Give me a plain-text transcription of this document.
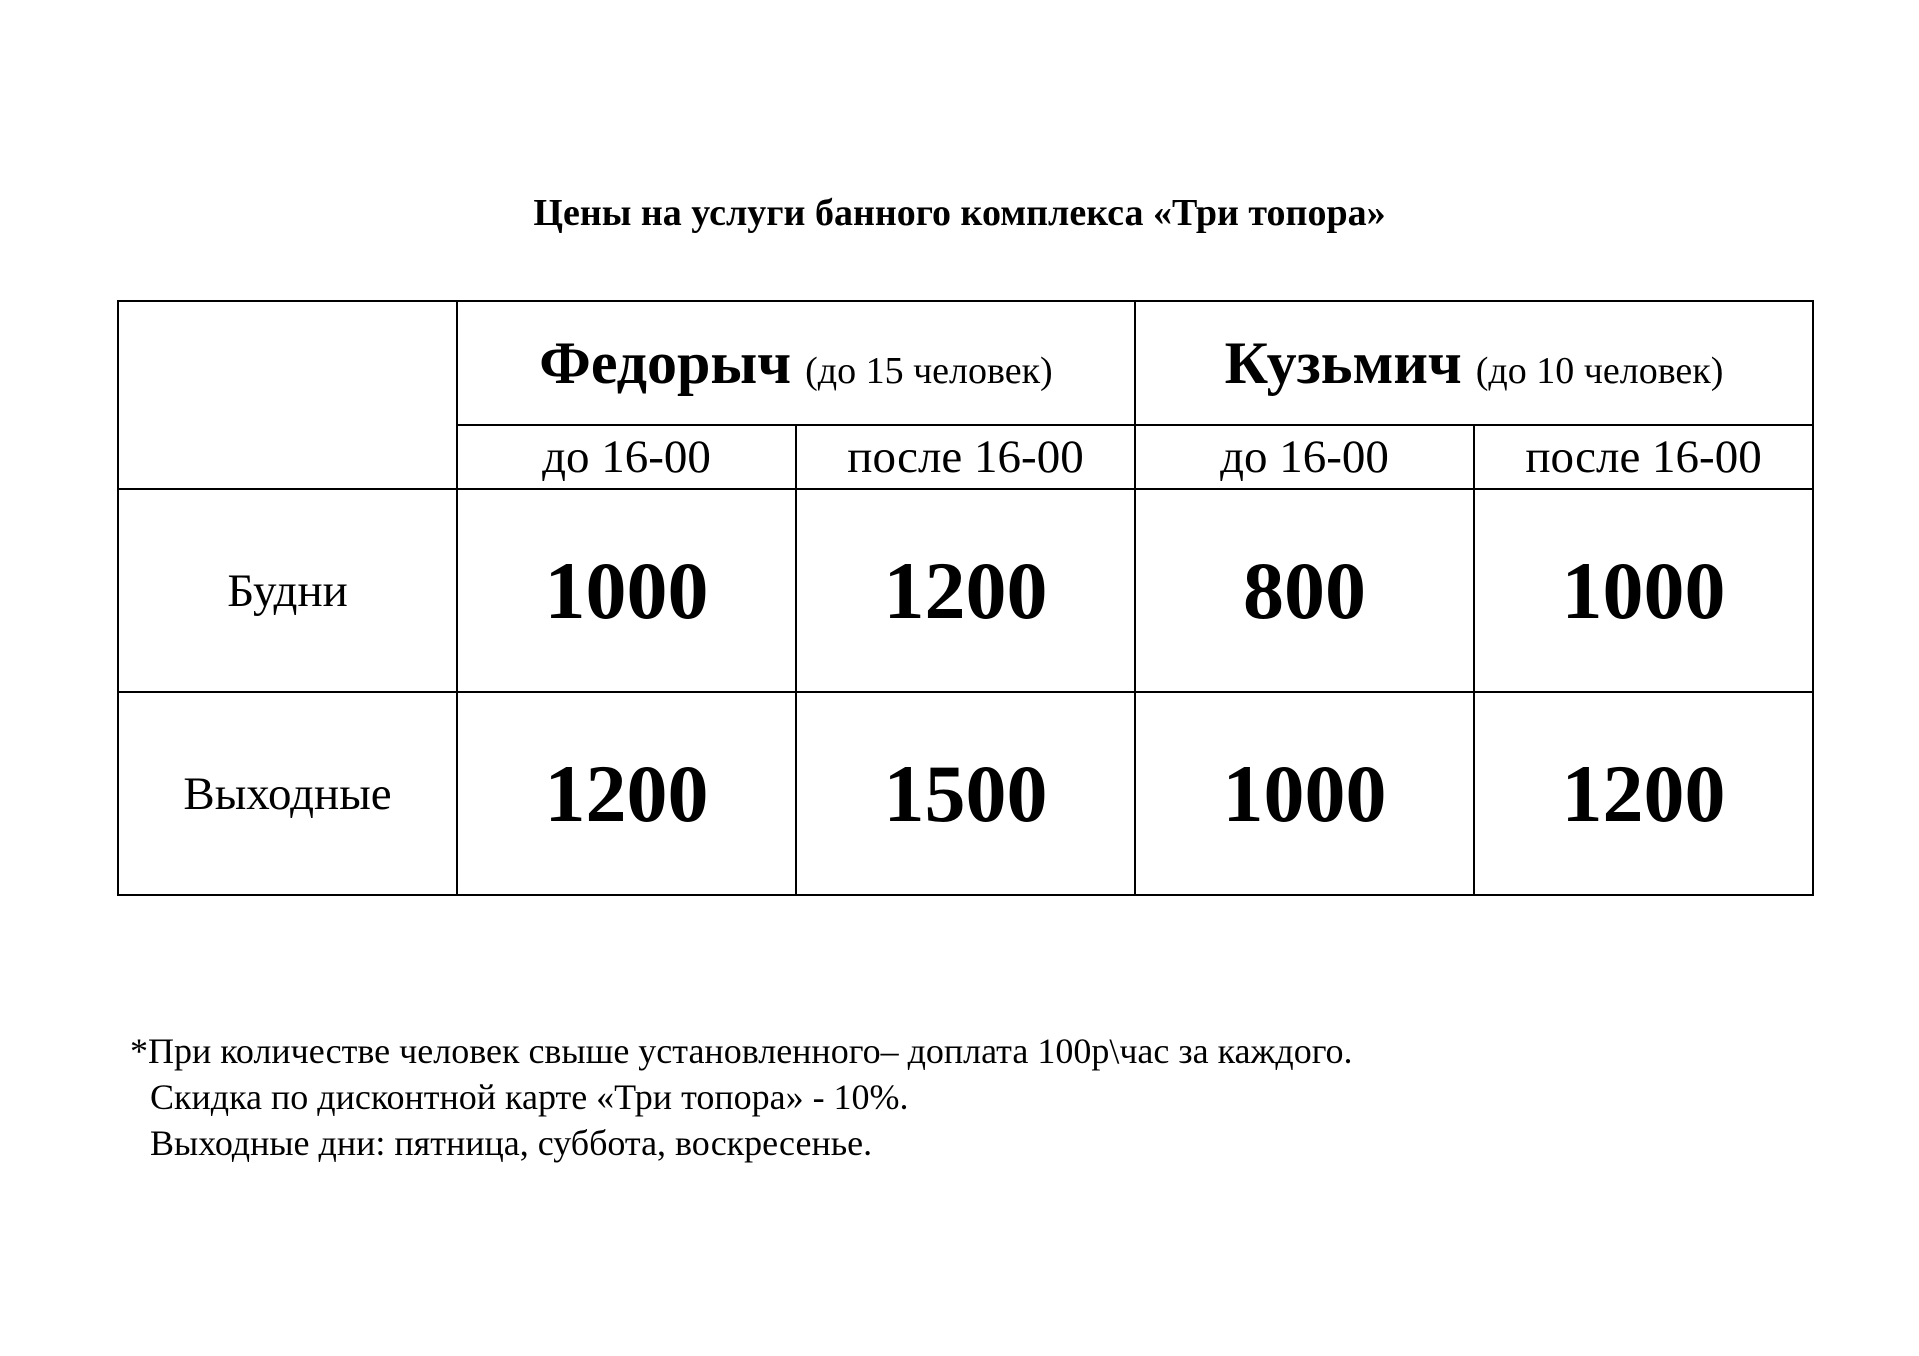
Цены на услуги банного комплекса «Три топора»
	Федорыч (до 15 человек)		Кузьмич (до 10 человек)	
	до 16-00	после 16-00	до 16-00	после 16-00
Будни	1000	1200	800	1000
Выходные	1200	1500	1000	1200
*При количестве человек свыше установленного– доплата 100р\час за каждого.
Скидка по дисконтной карте «Три топора» - 10%.
Выходные дни: пятница, суббота, воскресенье.
